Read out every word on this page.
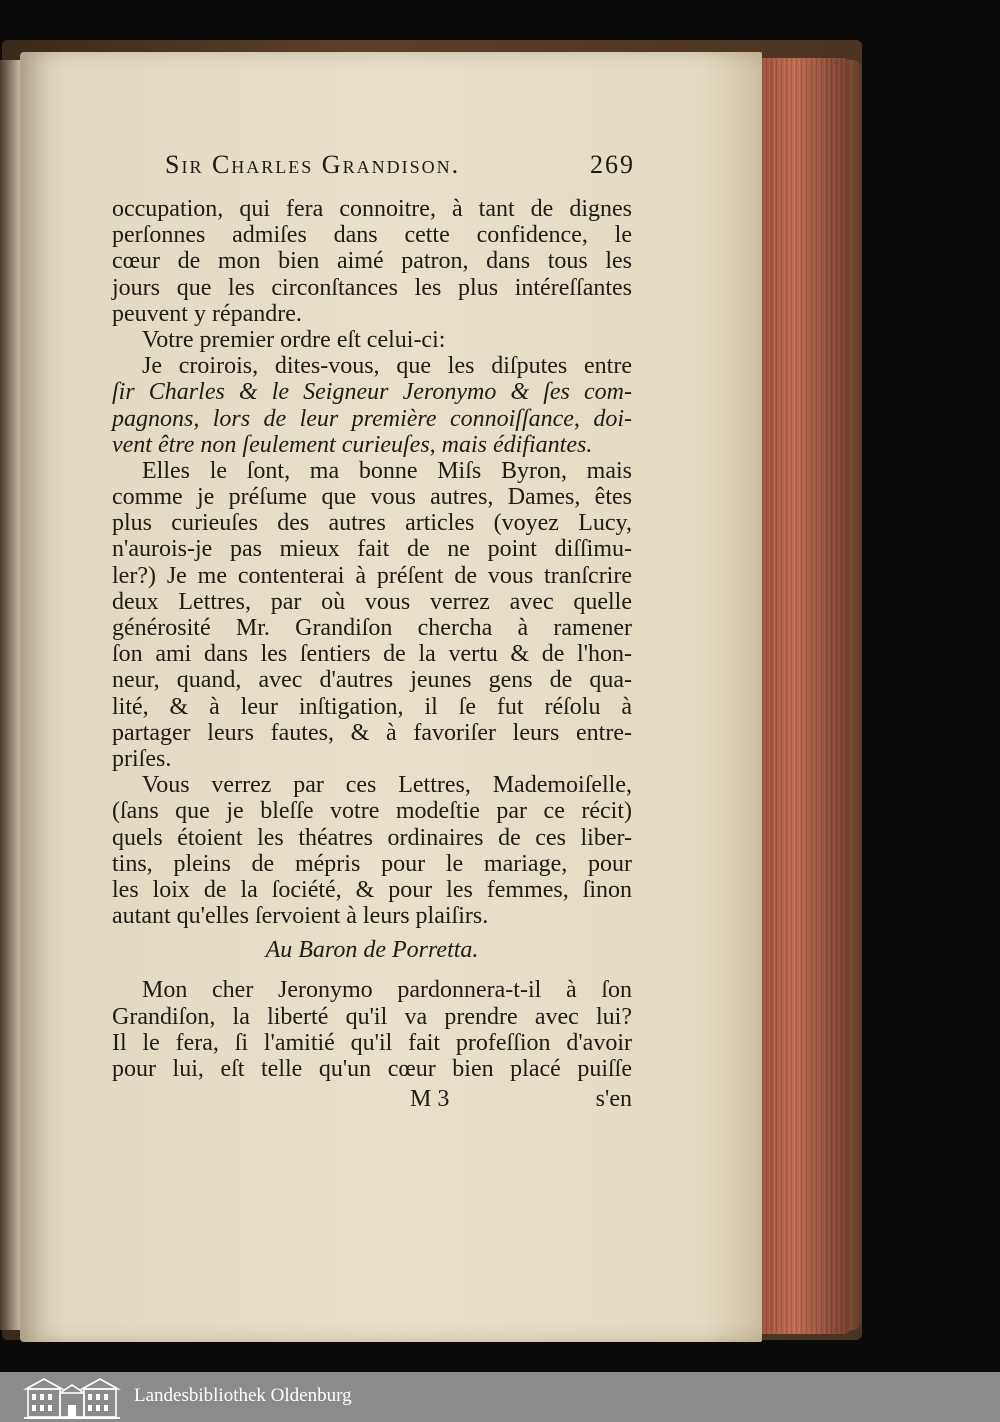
Sir Charles Grandison.	269
occupation, qui fera connoitre, à tant de dignes
perſonnes admiſes dans cette confidence, le
cœur de mon bien aimé patron, dans tous les
jours que les circonſtances les plus intéreſſantes
peuvent y répandre.
Votre premier ordre eſt celui-ci:
Je croirois, dites-vous, que les diſputes entre
ſir Charles & le Seigneur Jeronymo & ſes com-
pagnons, lors de leur première connoiſſance, doi-
vent être non ſeulement curieuſes, mais édifiantes.
Elles le ſont, ma bonne Miſs Byron, mais
comme je préſume que vous autres, Dames, êtes
plus curieuſes des autres articles (voyez Lucy,
n'aurois-je pas mieux fait de ne point diſſimu-
ler?) Je me contenterai à préſent de vous tranſcrire
deux Lettres, par où vous verrez avec quelle
générosité Mr. Grandiſon chercha à ramener
ſon ami dans les ſentiers de la vertu & de l'hon-
neur, quand, avec d'autres jeunes gens de qua-
lité, & à leur inſtigation, il ſe fut réſolu à
partager leurs fautes, & à favoriſer leurs entre-
priſes.
Vous verrez par ces Lettres, Mademoiſelle,
(ſans que je bleſſe votre modeſtie par ce récit)
quels étoient les théatres ordinaires de ces liber-
tins, pleins de mépris pour le mariage, pour
les loix de la ſociété, & pour les femmes, ſinon
autant qu'elles ſervoient à leurs plaiſirs.
Au Baron de Porretta.
Mon cher Jeronymo pardonnera-t-il à ſon
Grandiſon, la liberté qu'il va prendre avec lui?
Il le fera, ſi l'amitié qu'il fait profeſſion d'avoir
pour lui, eſt telle qu'un cœur bien placé puiſſe
M 3	s'en
Landesbibliothek Oldenburg
